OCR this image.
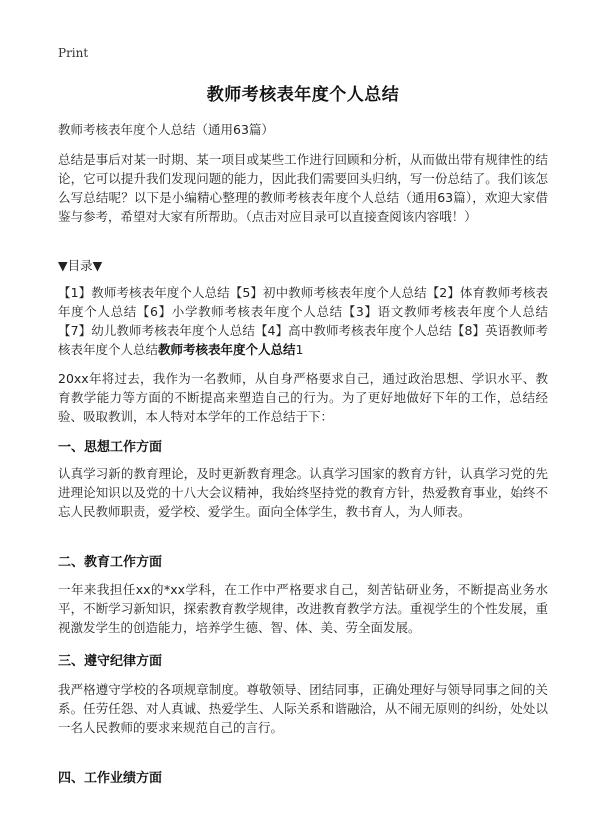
Print
教师考核表年度个人总结

教师考核表年度个人总结（通用63篇）

总结是事后对某一时期、某一项目或某些工作进行回顾和分析，从而做出带有规律性的结论，它可以提升我们发现问题的能力，因此我们需要回头归纳，写一份总结了。我们该怎么写总结呢？以下是小编精心整理的教师考核表年度个人总结（通用63篇），欢迎大家借鉴与参考，希望对大家有所帮助。（点击对应目录可以直接查阅该内容哦！）

▼目录▼

【1】教师考核表年度个人总结【5】初中教师考核表年度个人总结【2】体育教师考核表年度个人总结【6】小学教师考核表年度个人总结【3】语文教师考核表年度个人总结【7】幼儿教师考核表年度个人总结【4】高中教师考核表年度个人总结【8】英语教师考核表年度个人总结教师考核表年度个人总结1

20xx年将过去，我作为一名教师，从自身严格要求自己，通过政治思想、学识水平、教育教学能力等方面的不断提高来塑造自己的行为。为了更好地做好下年的工作，总结经验、吸取教训，本人特对本学年的工作总结于下：

一、思想工作方面

认真学习新的教育理论，及时更新教育理念。认真学习国家的教育方针，认真学习党的先进理论知识以及党的十八大会议精神，我始终坚持党的教育方针，热爱教育事业，始终不忘人民教师职责，爱学校、爱学生。面向全体学生，教书育人，为人师表。

二、教育工作方面

一年来我担任xx的*xx学科，在工作中严格要求自己，刻苦钻研业务，不断提高业务水平，不断学习新知识，探索教育教学规律，改进教育教学方法。重视学生的个性发展，重视激发学生的创造能力，培养学生德、智、体、美、劳全面发展。

三、遵守纪律方面

我严格遵守学校的各项规章制度。尊敬领导、团结同事，正确处理好与领导同事之间的关系。任劳任怨、对人真诚、热爱学生、人际关系和谐融洽，从不闹无原则的纠纷，处处以一名人民教师的要求来规范自己的言行。

四、工作业绩方面
